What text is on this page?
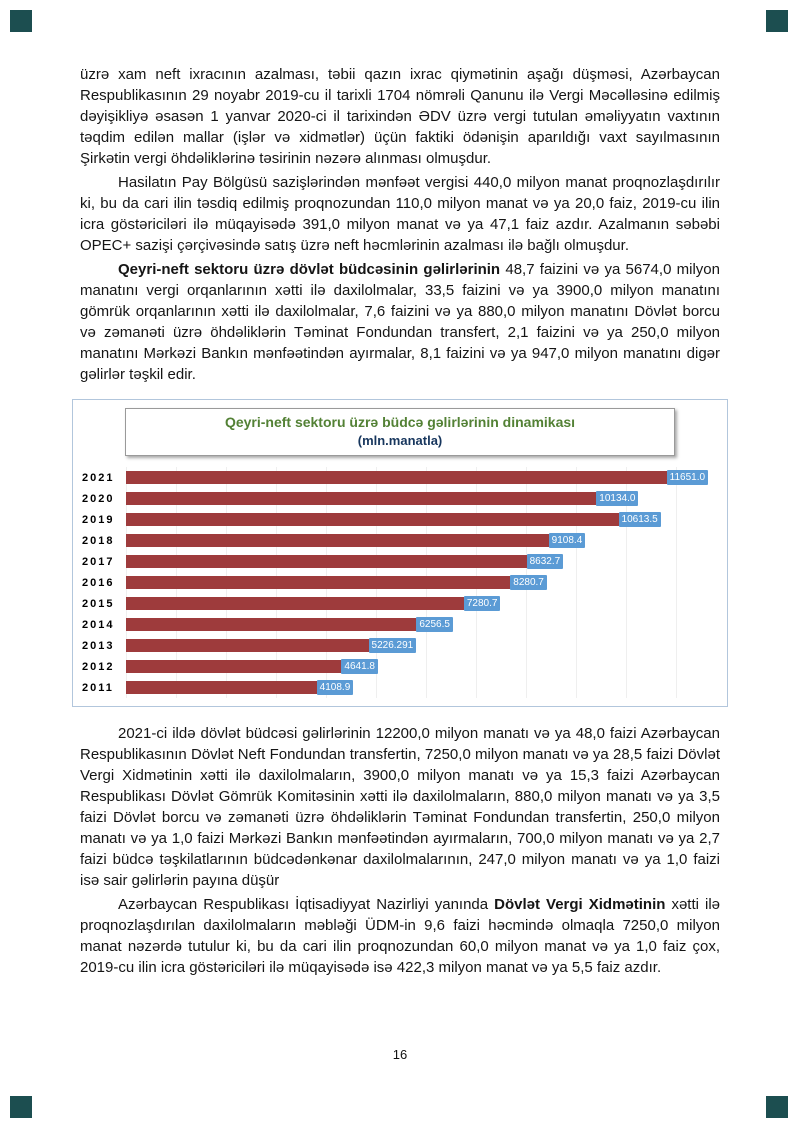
üzrə xam neft ixracının azalması, təbii qazın ixrac qiymətinin aşağı düşməsi, Azərbaycan Respublikasının 29 noyabr 2019-cu il tarixli 1704 nömrəli Qanunu ilə Vergi Məcəlləsinə edilmiş dəyişikliyə əsasən 1 yanvar 2020-ci il tarixindən ƏDV üzrə vergi tutulan əməliyyatın vaxtının təqdim edilən mallar (işlər və xidmətlər) üçün faktiki ödənişin aparıldığı vaxt sayılmasının Şirkətin vergi öhdəliklərinə təsirinin nəzərə alınması olmuşdur.

Hasilatın Pay Bölgüsü sazişlərindən mənfəət vergisi 440,0 milyon manat proqnozlaşdırılır ki, bu da cari ilin təsdiq edilmiş proqnozundan 110,0 milyon manat və ya 20,0 faiz, 2019-cu ilin icra göstəriciləri ilə müqayisədə 391,0 milyon manat və ya 47,1 faiz azdır. Azalmanın səbəbi OPEC+ sazişi çərçivəsində satış üzrə neft həcmlərinin azalması ilə bağlı olmuşdur.

Qeyri-neft sektoru üzrə dövlət büdcəsinin gəlirlərinin 48,7 faizini və ya 5674,0 milyon manatını vergi orqanlarının xətti ilə daxilolmalar, 33,5 faizini və ya 3900,0 milyon manatını gömrük orqanlarının xətti ilə daxilolmalar, 7,6 faizini və ya 880,0 milyon manatını Dövlət borcu və zəmanəti üzrə öhdəliklərin Təminat Fondundan transfert, 2,1 faizini və ya 250,0 milyon manatını Mərkəzi Bankın mənfəətindən ayırmalar, 8,1 faizini və ya 947,0 milyon manatını digər gəlirlər təşkil edir.

Qeyri-neft sektoru üzrə büdcə gəlirlərinin dinamikası
(mln.manatla)
2021	11651.0
2020	10134.0
2019	10613.5
2018	9108.4
2017	8632.7
2016	8280.7
2015	7280.7
2014	6256.5
2013	5226.291
2012	4641.8
2011	4108.9

2021-ci ildə dövlət büdcəsi gəlirlərinin 12200,0 milyon manatı və ya 48,0 faizi Azərbaycan Respublikasının Dövlət Neft Fondundan transfertin, 7250,0 milyon manatı və ya 28,5 faizi Dövlət Vergi Xidmətinin xətti ilə daxilolmaların, 3900,0 milyon manatı və ya 15,3 faizi Azərbaycan Respublikası Dövlət Gömrük Komitəsinin xətti ilə daxilolmaların, 880,0 milyon manatı və ya 3,5 faizi Dövlət borcu və zəmanəti üzrə öhdəliklərin Təminat Fondundan transfertin, 250,0 milyon manatı və ya 1,0 faizi Mərkəzi Bankın mənfəətindən ayırmaların, 700,0 milyon manatı və ya 2,7 faizi büdcə təşkilatlarının büdcədənkənar daxilolmalarının, 247,0 milyon manatı və ya 1,0 faizi isə sair gəlirlərin payına düşür

Azərbaycan Respublikası İqtisadiyyat Nazirliyi yanında Dövlət Vergi Xidmətinin xətti ilə proqnozlaşdırılan daxilolmaların məbləği ÜDM-in 9,6 faizi həcmində olmaqla 7250,0 milyon manat nəzərdə tutulur ki, bu da cari ilin proqnozundan 60,0 milyon manat və ya 1,0 faiz çox, 2019-cu ilin icra göstəriciləri ilə müqayisədə isə 422,3 milyon manat və ya 5,5 faiz azdır.

16
